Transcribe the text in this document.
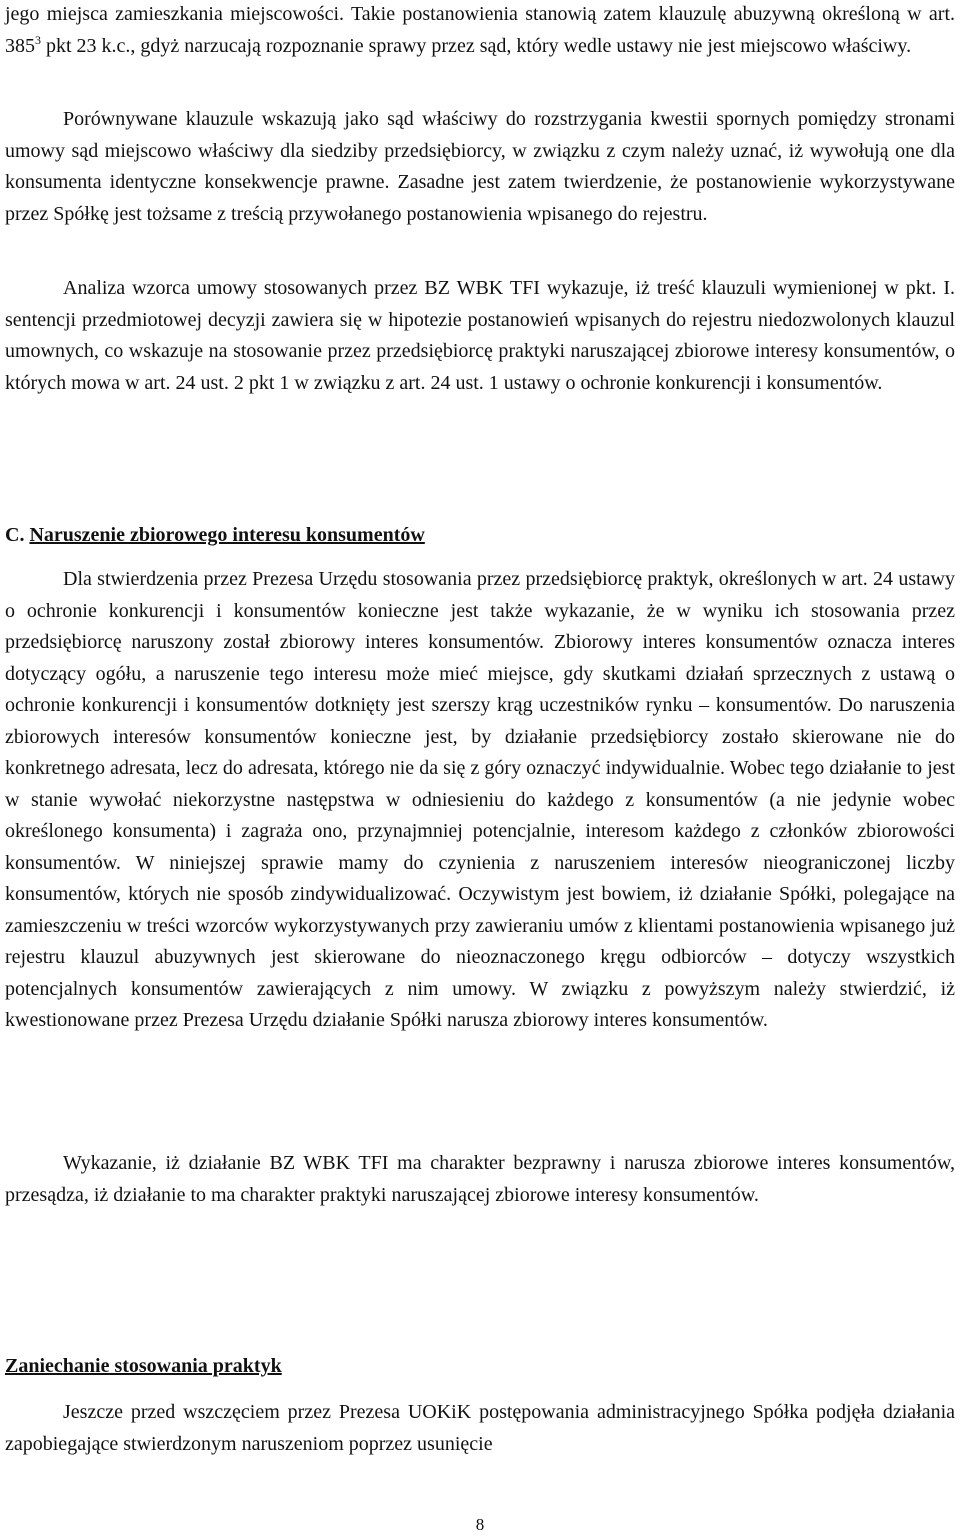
jego miejsca zamieszkania miejscowości. Takie postanowienia stanowią zatem klauzulę abuzywną określoną w art. $385^3$ pkt 23 k.c., gdyż narzucają rozpoznanie sprawy przez sąd, który wedle ustawy nie jest miejscowo właściwy.

Porównywane klauzule wskazują jako sąd właściwy do rozstrzygania kwestii spornych pomiędzy stronami umowy sąd miejscowo właściwy dla siedziby przedsiębiorcy, w związku z czym należy uznać, iż wywołują one dla konsumenta identyczne konsekwencje prawne. Zasadne jest zatem twierdzenie, że postanowienie wykorzystywane przez Spółkę jest tożsame z treścią przywołanego postanowienia wpisanego do rejestru.

Analiza wzorca umowy stosowanych przez BZ WBK TFI wykazuje, iż treść klauzuli wymienionej w pkt. I. sentencji przedmiotowej decyzji zawiera się w hipotezie postanowień wpisanych do rejestru niedozwolonych klauzul umownych, co wskazuje na stosowanie przez przedsiębiorcę praktyki naruszającej zbiorowe interesy konsumentów, o których mowa w art. 24 ust. 2 pkt 1 w związku z art. 24 ust. 1 ustawy o ochronie konkurencji i konsumentów.

C. Naruszenie zbiorowego interesu konsumentów

Dla stwierdzenia przez Prezesa Urzędu stosowania przez przedsiębiorcę praktyk, określonych w art. 24 ustawy o ochronie konkurencji i konsumentów konieczne jest także wykazanie, że w wyniku ich stosowania przez przedsiębiorcę naruszony został zbiorowy interes konsumentów. Zbiorowy interes konsumentów oznacza interes dotyczący ogółu, a naruszenie tego interesu może mieć miejsce, gdy skutkami działań sprzecznych z ustawą o ochronie konkurencji i konsumentów dotknięty jest szerszy krąg uczestników rynku – konsumentów. Do naruszenia zbiorowych interesów konsumentów konieczne jest, by działanie przedsiębiorcy zostało skierowane nie do konkretnego adresata, lecz do adresata, którego nie da się z góry oznaczyć indywidualnie. Wobec tego działanie to jest w stanie wywołać niekorzystne następstwa w odniesieniu do każdego z konsumentów (a nie jedynie wobec określonego konsumenta) i zagraża ono, przynajmniej potencjalnie, interesom każdego z członków zbiorowości konsumentów. W niniejszej sprawie mamy do czynienia z naruszeniem interesów nieograniczonej liczby konsumentów, których nie sposób zindywidualizować. Oczywistym jest bowiem, iż działanie Spółki, polegające na zamieszczeniu w treści wzorców wykorzystywanych przy zawieraniu umów z klientami postanowienia wpisanego już rejestru klauzul abuzywnych jest skierowane do nieoznaczonego kręgu odbiorców – dotyczy wszystkich potencjalnych konsumentów zawierających z nim umowy. W związku z powyższym należy stwierdzić, iż kwestionowane przez Prezesa Urzędu działanie Spółki narusza zbiorowy interes konsumentów.

Wykazanie, iż działanie BZ WBK TFI ma charakter bezprawny i narusza zbiorowe interes konsumentów, przesądza, iż działanie to ma charakter praktyki naruszającej zbiorowe interesy konsumentów.

Zaniechanie stosowania praktyk

Jeszcze przed wszczęciem przez Prezesa UOKiK postępowania administracyjnego Spółka podjęła działania zapobiegające stwierdzonym naruszeniom poprzez usunięcie

8
